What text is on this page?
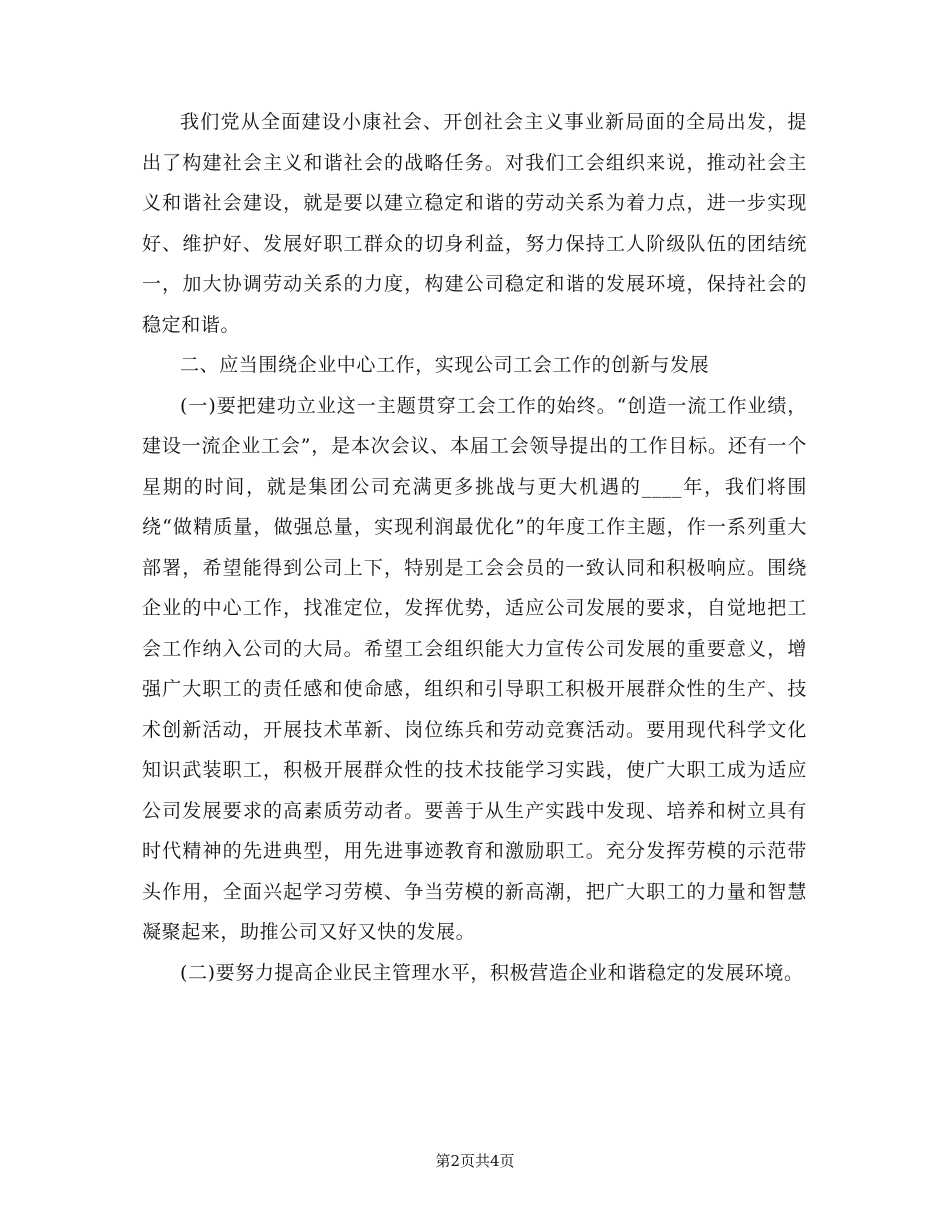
我们党从全面建设小康社会、开创社会主义事业新局面的全局出发，提出了构建社会主义和谐社会的战略任务。对我们工会组织来说，推动社会主义和谐社会建设，就是要以建立稳定和谐的劳动关系为着力点，进一步实现好、维护好、发展好职工群众的切身利益，努力保持工人阶级队伍的团结统一，加大协调劳动关系的力度，构建公司稳定和谐的发展环境，保持社会的稳定和谐。

二、应当围绕企业中心工作，实现公司工会工作的创新与发展

(一)要把建功立业这一主题贯穿工会工作的始终。“创造一流工作业绩，建设一流企业工会”，是本次会议、本届工会领导提出的工作目标。还有一个星期的时间，就是集团公司充满更多挑战与更大机遇的____年，我们将围绕“做精质量，做强总量，实现利润最优化”的年度工作主题，作一系列重大部署，希望能得到公司上下，特别是工会会员的一致认同和积极响应。围绕企业的中心工作，找准定位，发挥优势，适应公司发展的要求，自觉地把工会工作纳入公司的大局。希望工会组织能大力宣传公司发展的重要意义，增强广大职工的责任感和使命感，组织和引导职工积极开展群众性的生产、技术创新活动，开展技术革新、岗位练兵和劳动竞赛活动。要用现代科学文化知识武装职工，积极开展群众性的技术技能学习实践，使广大职工成为适应公司发展要求的高素质劳动者。要善于从生产实践中发现、培养和树立具有时代精神的先进典型，用先进事迹教育和激励职工。充分发挥劳模的示范带头作用，全面兴起学习劳模、争当劳模的新高潮，把广大职工的力量和智慧凝聚起来，助推公司又好又快的发展。

(二)要努力提高企业民主管理水平，积极营造企业和谐稳定的发展环境。

第2页共4页
